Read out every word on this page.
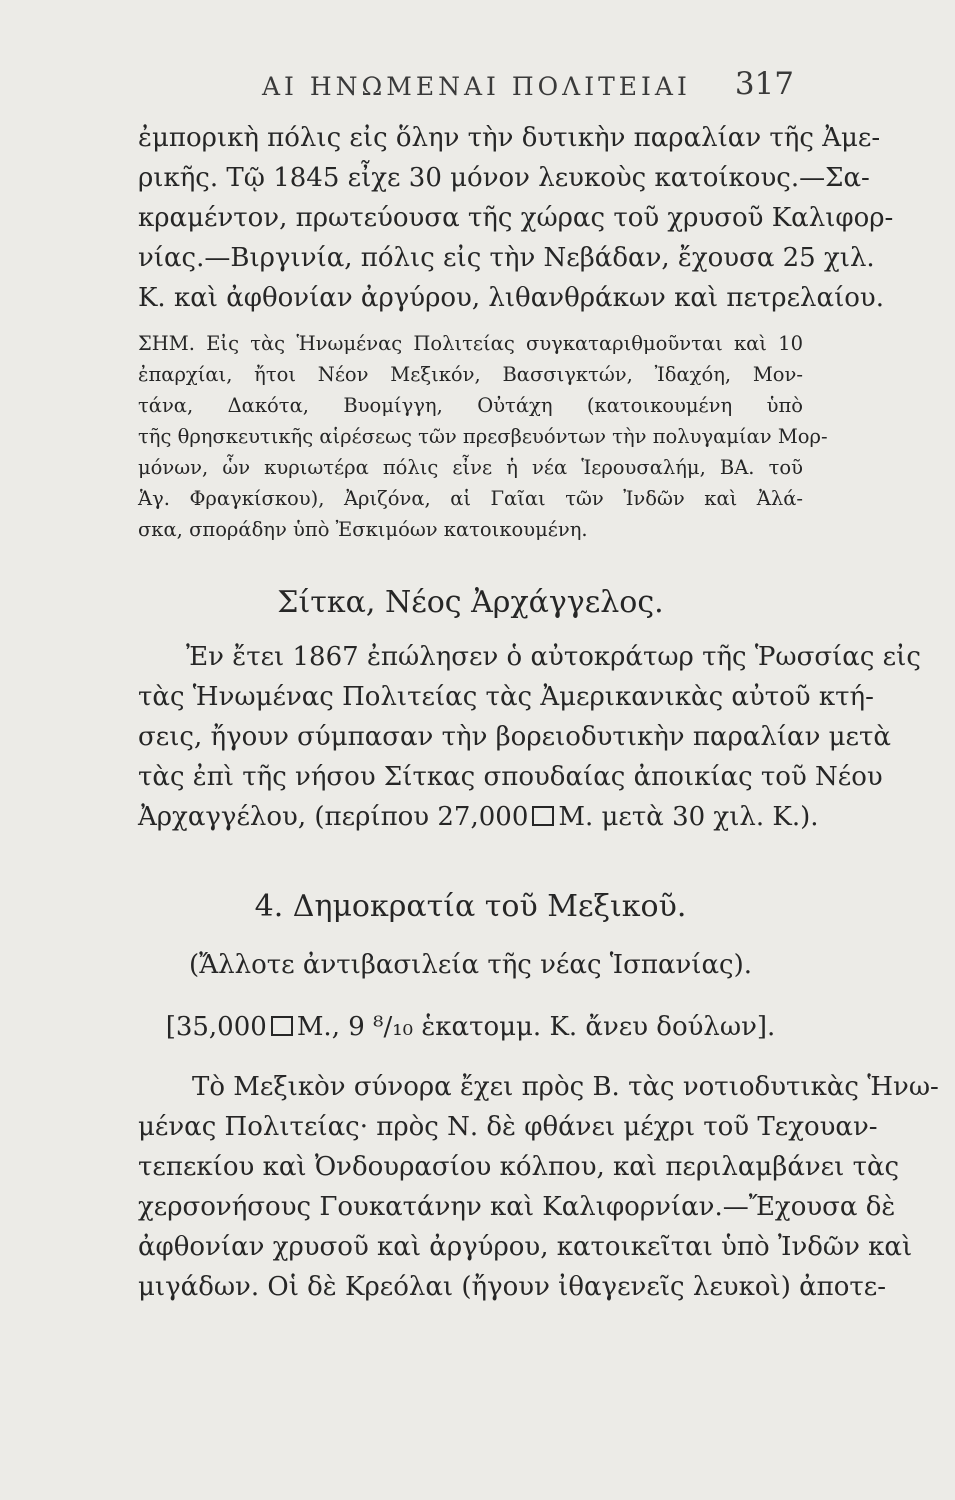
ΑΙ ΗΝΩΜΕΝΑΙ ΠΟΛΙΤΕΙΑΙ 317
ἐμπορικὴ πόλις εἰς ὅλην τὴν δυτικὴν παραλίαν τῆς Ἀμε-
ρικῆς. Τῷ 1845 εἶχε 30 μόνον λευκοὺς κατοίκους.—Σα-
κραμέντον, πρωτεύουσα τῆς χώρας τοῦ χρυσοῦ Καλιφορ-
νίας.—Βιργινία, πόλις εἰς τὴν Νεβάδαν, ἔχουσα 25 χιλ.
Κ. καὶ ἀφθονίαν ἀργύρου, λιθανθράκων καὶ πετρελαίου.
ΣΗΜ. Εἰς τὰς Ἡνωμένας Πολιτείας συγκαταριθμοῦνται καὶ 10
ἐπαρχίαι, ἤτοι Νέον Μεξικόν, Βασσιγκτών, Ἰδαχόη, Μον-
τάνα, Δακότα, Βυομίγγη, Οὐτάχη (κατοικουμένη ὑπὸ
τῆς θρησκευτικῆς αἱρέσεως τῶν πρεσβευόντων τὴν πολυγαμίαν Μορ-
μόνων, ὧν κυριωτέρα πόλις εἶνε ἡ νέα Ἱερουσαλήμ, ΒΑ. τοῦ
Ἁγ. Φραγκίσκου), Ἀριζόνα, αἱ Γαῖαι τῶν Ἰνδῶν καὶ Ἀλά-
σκα, σποράδην ὑπὸ Ἐσκιμόων κατοικουμένη.
Σίτκα, Νέος Ἀρχάγγελος.
Ἐν ἔτει 1867 ἐπώλησεν ὁ αὐτοκράτωρ τῆς Ῥωσσίας εἰς
τὰς Ἡνωμένας Πολιτείας τὰς Ἀμερικανικὰς αὐτοῦ κτή-
σεις, ἤγουν σύμπασαν τὴν βορειοδυτικὴν παραλίαν μετὰ
τὰς ἐπὶ τῆς νήσου Σίτκας σπουδαίας ἀποικίας τοῦ Νέου
Ἀρχαγγέλου, (περίπου 27,000 Μ. μετὰ 30 χιλ. Κ.).
4. Δημοκρατία τοῦ Μεξικοῦ.
(Ἄλλοτε ἀντιβασιλεία τῆς νέας Ἱσπανίας).
[35,000 Μ., 9 ⁸/₁₀ ἑκατομμ. Κ. ἄνευ δούλων].
Τὸ Μεξικὸν σύνορα ἔχει πρὸς Β. τὰς νοτιοδυτικὰς Ἡνω-
μένας Πολιτείας· πρὸς Ν. δὲ φθάνει μέχρι τοῦ Τεχουαν-
τεπεκίου καὶ Ὀνδουρασίου κόλπου, καὶ περιλαμβάνει τὰς
χερσονήσους Γουκατάνην καὶ Καλιφορνίαν.—Ἔχουσα δὲ
ἀφθονίαν χρυσοῦ καὶ ἀργύρου, κατοικεῖται ὑπὸ Ἰνδῶν καὶ
μιγάδων. Οἱ δὲ Κρεόλαι (ἤγουν ἰθαγενεῖς λευκοὶ) ἀποτε-
